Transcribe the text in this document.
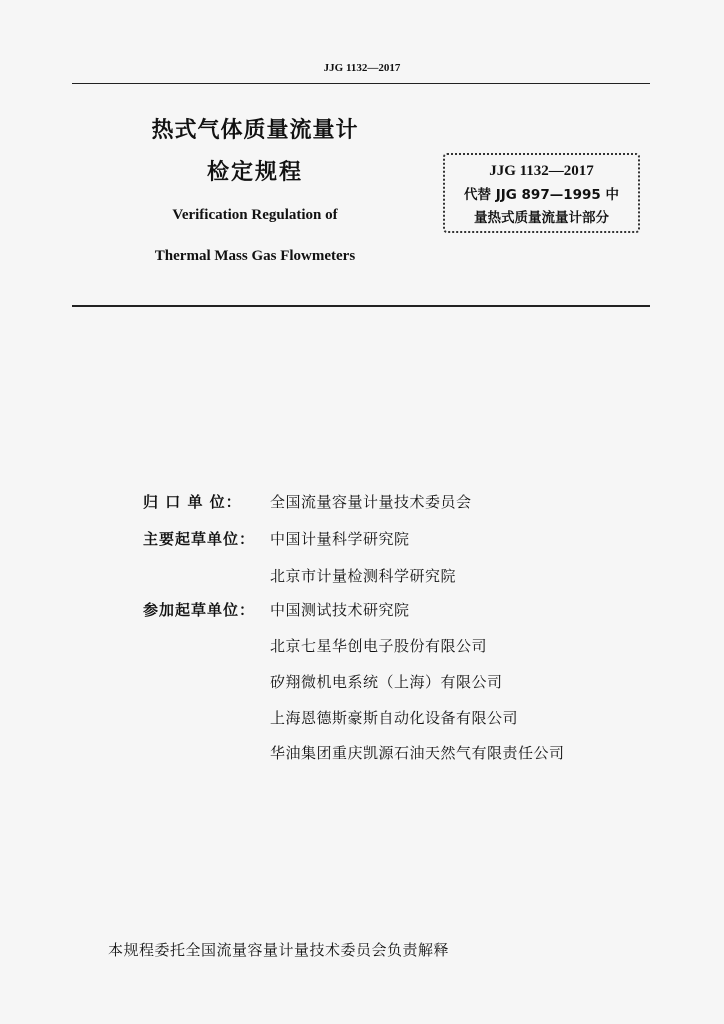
JJG 1132—2017
热式气体质量流量计
检定规程
Verification Regulation of
Thermal Mass Gas Flowmeters
JJG 1132—2017
代替 JJG 897—1995 中
量热式质量流量计部分
归 口 单 位：	全国流量容量计量技术委员会
主要起草单位： 中国计量科学研究院
北京市计量检测科学研究院
参加起草单位： 中国测试技术研究院
北京七星华创电子股份有限公司
矽翔微机电系统（上海）有限公司
上海恩德斯豪斯自动化设备有限公司
华油集团重庆凯源石油天然气有限责任公司
本规程委托全国流量容量计量技术委员会负责解释
